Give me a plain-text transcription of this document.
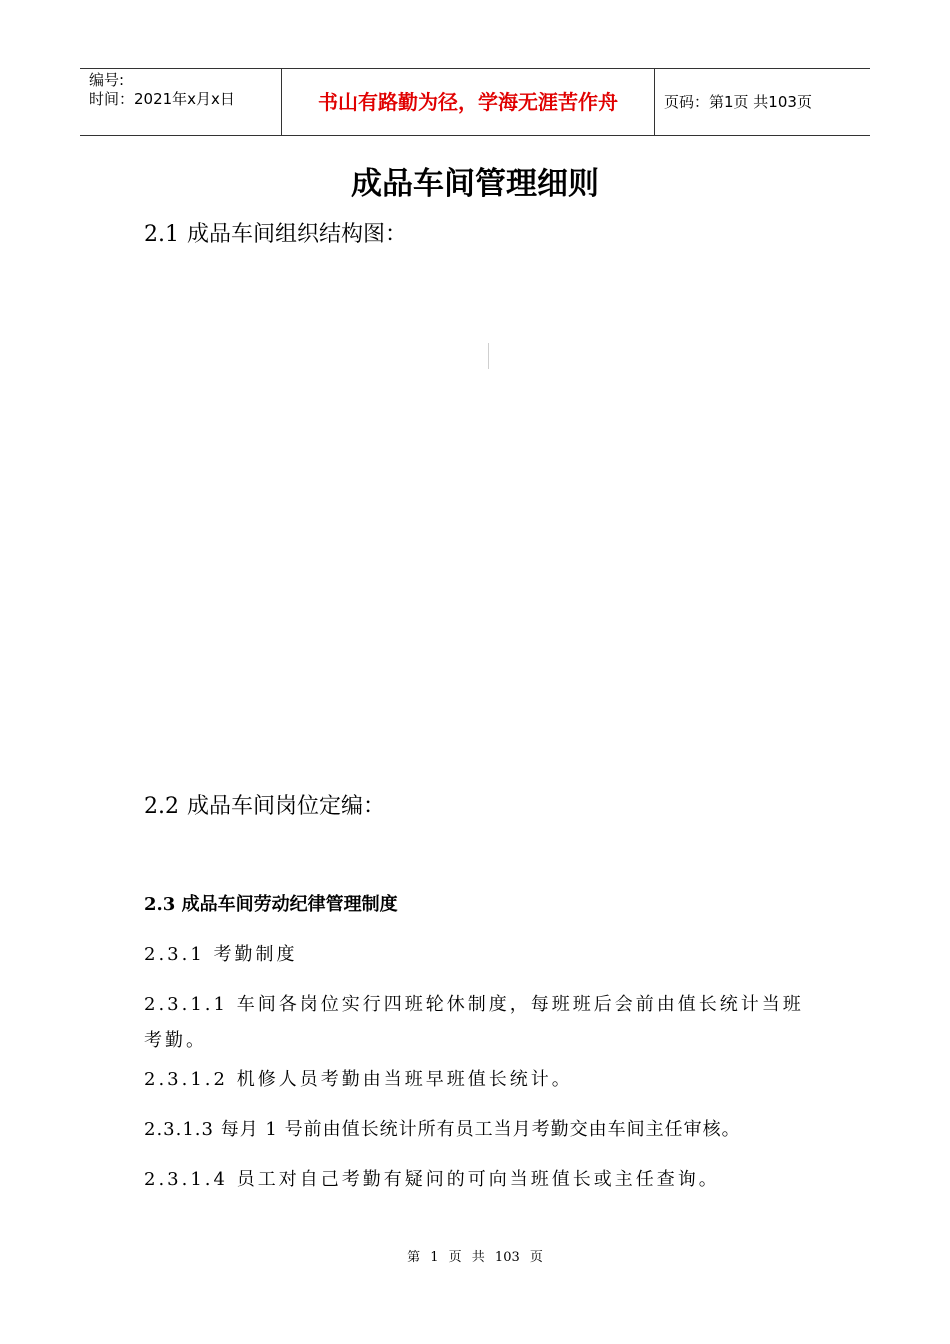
编号:
时间：2021年x月x日	书山有路勤为径，学海无涯苦作舟	页码：第1页 共103页
成品车间管理细则
2.1 成品车间组织结构图：
2.2 成品车间岗位定编：
2.3 成品车间劳动纪律管理制度
2.3.1 考勤制度
2.3.1.1 车间各岗位实行四班轮休制度，每班班后会前由值长统计当班考勤。
2.3.1.2 机修人员考勤由当班早班值长统计。
2.3.1.3 每月 1 号前由值长统计所有员工当月考勤交由车间主任审核。
2.3.1.4 员工对自己考勤有疑问的可向当班值长或主任查询。
第 1 页 共 103 页
